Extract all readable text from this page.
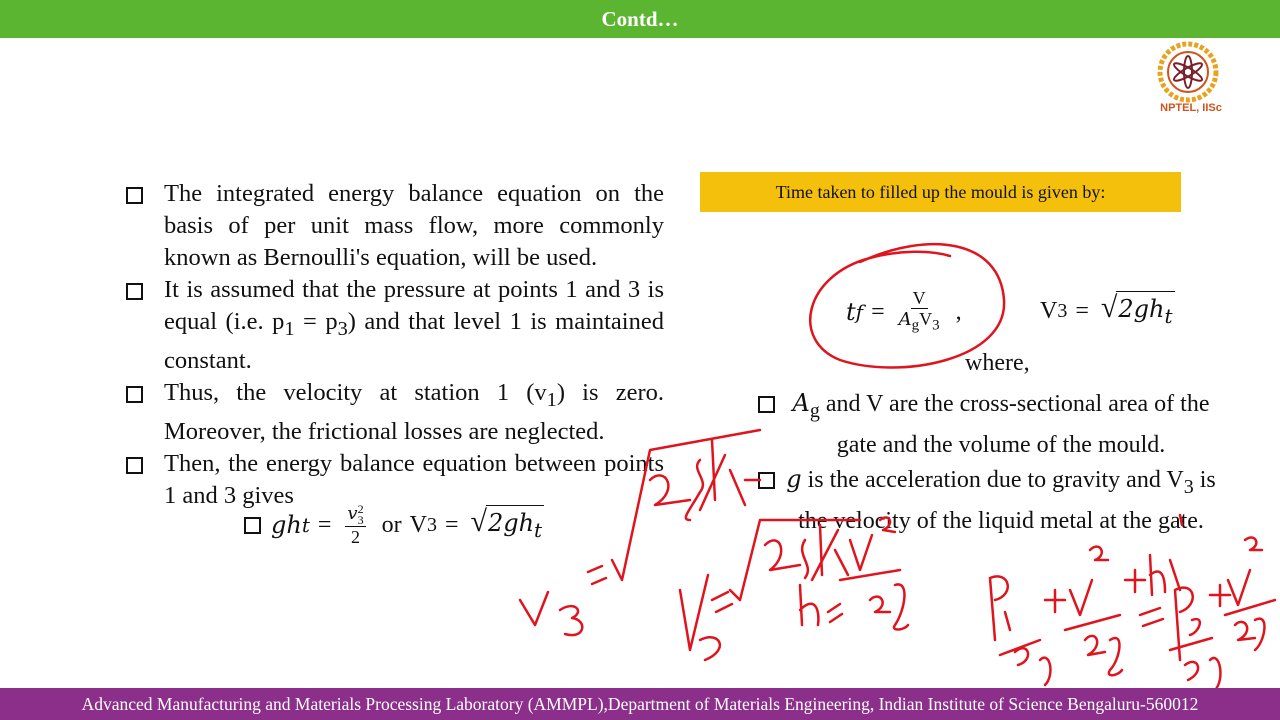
Contd…
NPTEL, IISc
The integrated energy balance equation on the basis of per unit mass flow, more commonly known as Bernoulli's equation, will be used.
It is assumed that the pressure at points 1 and 3 is equal (i.e. $p_1 = p_3$) and that level 1 is maintained constant.
Thus, the velocity at station 1 $(v_1)$ is zero. Moreover, the frictional losses are neglected.
Then, the energy balance equation between points 1 and 3 gives
gh t = v 2
3
2 or V 3 = √ $2gh_t$
Time taken to filled up the mould is given by:
t $f = \frac{V}{A_gV_3}$ ,	V 3 = √ $2gh_t$
where,
$A_g$ and V are the cross-sectional area of the gate and the volume of the mould.
g is the acceleration due to gravity and $V_3$ is the velocity of the liquid metal at the gate.
Advanced Manufacturing and Materials Processing Laboratory (AMMPL),Department of Materials Engineering, Indian Institute of Science Bengaluru-560012
